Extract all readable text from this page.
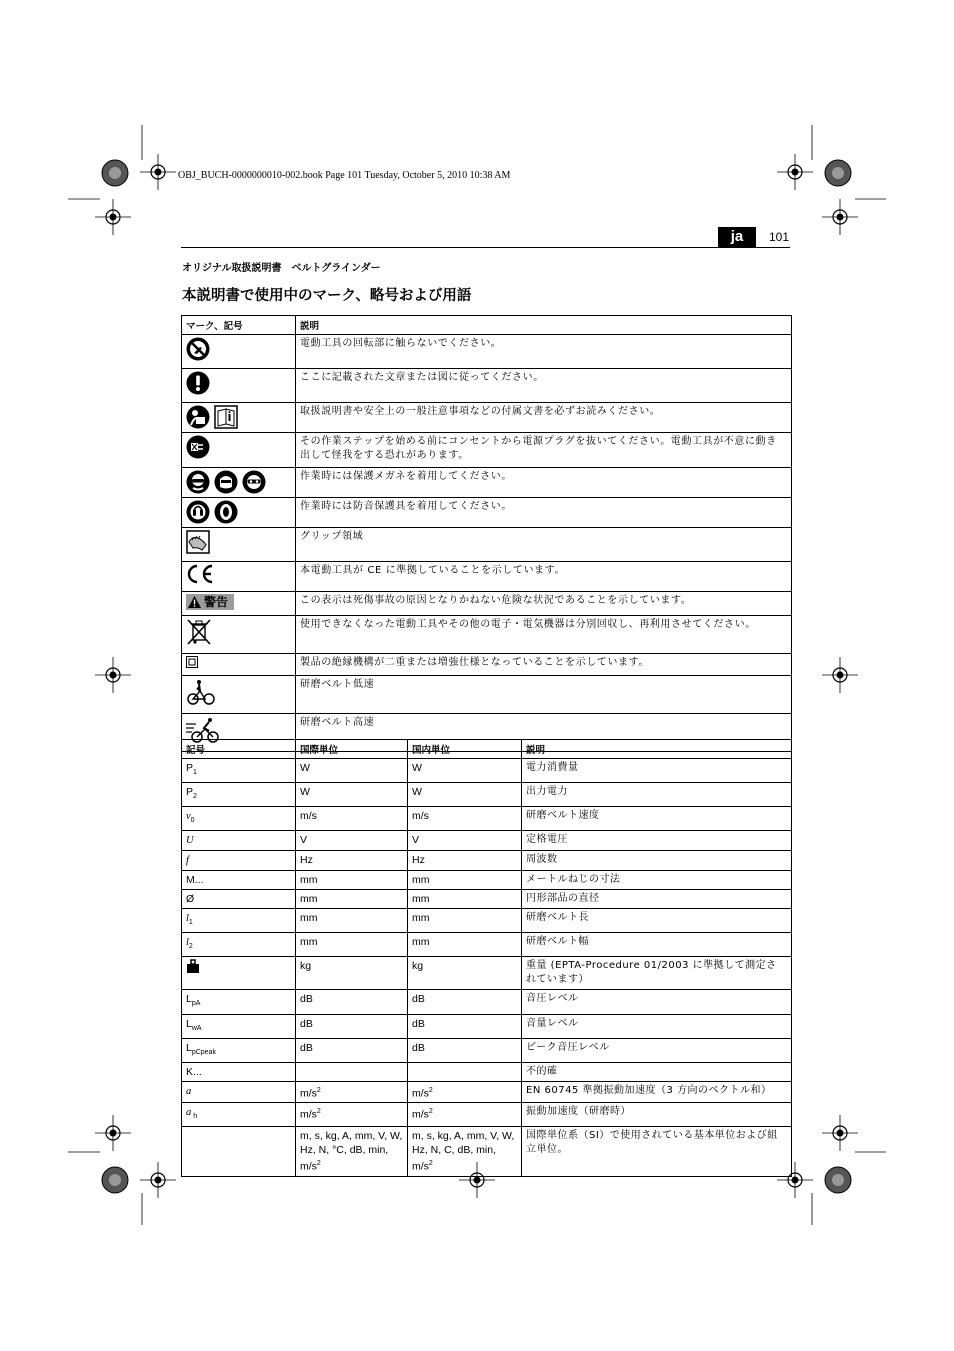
OBJ_BUCH-0000000010-002.book Page 101 Tuesday, October 5, 2010 10:38 AM
ja	101
オリジナル取扱説明書　ベルトグラインダー
本説明書で使用中のマーク、略号および用語
マーク、記号	説明

	電動工具の回転部に触らないでください。

	ここに記載された文章または図に従ってください。

	取扱説明書や安全上の一般注意事項などの付属文書を必ずお読みください。

	その作業ステップを始める前にコンセントから電源プラグを抜いてください。電動工具が不意に動き出して怪我をする恐れがあります。

	作業時には保護メガネを着用してください。

	作業時には防音保護具を着用してください。

	グリップ領域

	本電動工具が CE に準拠していることを示しています。

警告	この表示は死傷事故の原因となりかねない危険な状況であることを示しています。

	使用できなくなった電動工具やその他の電子・電気機器は分別回収し、再利用させてください。

	製品の絶縁機構が二重または増強仕様となっていることを示しています。

	研磨ベルト低速

	研磨ベルト高速
記号	国際単位	国内単位	説明
$P_1$	W	W	電力消費量
$P_2$	W	W	出力電力
$v_0$	m/s	m/s	研磨ベルト速度
U	V	V	定格電圧
f	Hz	Hz	周波数
M...	mm	mm	メートルねじの寸法
Ø	mm	mm	円形部品の直径
$l_1$	mm	mm	研磨ベルト長
$l_2$	mm	mm	研磨ベルト幅

	kg	kg	重量 (EPTA-Procedure 01/2003 に準拠して測定されています）
$L_{pA}$	dB	dB	音圧レベル
$L_{wA}$	dB	dB	音量レベル
$L_{pCpeak}$	dB	dB	ピーク音圧レベル
K...			不的確
a	$m/s^2$	$m/s^2$	EN 60745 準拠振動加速度（3 方向のベクトル和）
a $_h$	$m/s^2$	$m/s^2$	振動加速度（研磨時）
	m, s, kg, A, mm, V, W, Hz, N, °C, dB, min, $m/s^2$	m, s, kg, A, mm, V, W, Hz, N, C, dB, min, $m/s^2$	国際単位系（SI）で使用されている基本単位および組立単位。
